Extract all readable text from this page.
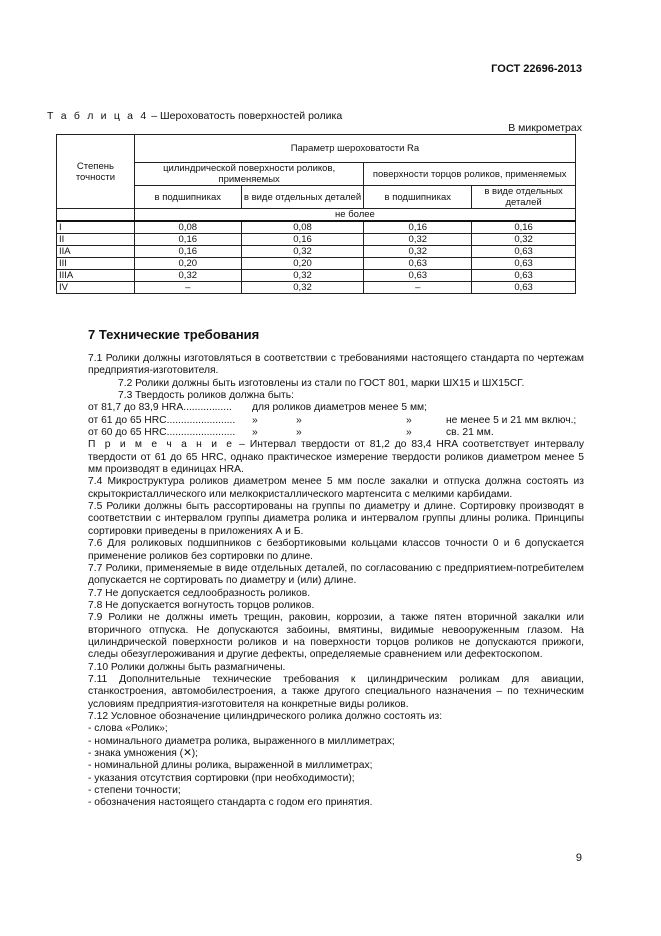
ГОСТ 22696-2013
Т а б л и ц а 4 – Шероховатость поверхностей ролика
В микрометрах
Степень точности	Параметр шероховатости Ra			
	цилиндрической поверхности роликов, применяемых		поверхности торцов роликов, применяемых	
	в подшипниках	в виде отдельных деталей	в подшипниках	в виде отдельных деталей
	не более			
I	0,08	0,08	0,16	0,16
II	0,16	0,16	0,32	0,32
IIA	0,16	0,32	0,32	0,63
III	0,20	0,20	0,63	0,63
IIIA	0,32	0,32	0,63	0,63
IV	–	0,32	–	0,63
7 Технические требования

7.1 Ролики должны изготовляться в соответствии с требованиями настоящего стандарта по чертежам предприятия-изготовителя.

7.2 Ролики должны быть изготовлены из стали по ГОСТ 801, марки ШХ15 и ШХ15СГ.

7.3 Твердость роликов должна быть:

от 81,7 до 83,9 HRA.................	для роликов диаметров менее 5 мм;
от 61 до 65 HRC........................	»	»	»	не менее 5 и 21 мм включ.;
от 60 до 65 HRC........................	»	»	»	св. 21 мм.

П р и м е ч а н и е – Интервал твердости от 81,2 до 83,4 HRA соответствует интервалу твердости от 61 до 65 HRC, однако практическое измерение твердости роликов диаметром менее 5 мм производят в единицах HRA.

7.4 Микроструктура роликов диаметром менее 5 мм после закалки и отпуска должна состоять из скрытокристаллического или мелкокристаллического мартенсита с мелкими карбидами.

7.5 Ролики должны быть рассортированы на группы по диаметру и длине. Сортировку производят в соответствии с интервалом группы диаметра ролика и интервалом группы длины ролика. Принципы сортировки приведены в приложениях А и Б.

7.6 Для роликовых подшипников с безбортиковыми кольцами классов точности 0 и 6 допускается применение роликов без сортировки по длине.

7.7 Ролики, применяемые в виде отдельных деталей, по согласованию с предприятием-потребителем допускается не сортировать по диаметру и (или) длине.

7.7 Не допускается седлообразность роликов.

7.8 Не допускается вогнутость торцов роликов.

7.9 Ролики не должны иметь трещин, раковин, коррозии, а также пятен вторичной закалки или вторичного отпуска. Не допускаются забоины, вмятины, видимые невооруженным глазом. На цилиндрической поверхности роликов и на поверхности торцов роликов не допускаются прижоги, следы обезуглероживания и другие дефекты, определяемые сравнением или дефектоскопом.

7.10 Ролики должны быть размагничены.

7.11 Дополнительные технические требования к цилиндрическим роликам для авиации, станкостроения, автомобилестроения, а также другого специального назначения – по техническим условиям предприятия-изготовителя на конкретные виды роликов.

7.12 Условное обозначение цилиндрического ролика должно состоять из:

- слова «Ролик»;

- номинального диаметра ролика, выраженного в миллиметрах;

- знака умножения (✕);

- номинальной длины ролика, выраженной в миллиметрах;

- указания отсутствия сортировки (при необходимости);

- степени точности;

- обозначения настоящего стандарта с годом его принятия.

9
